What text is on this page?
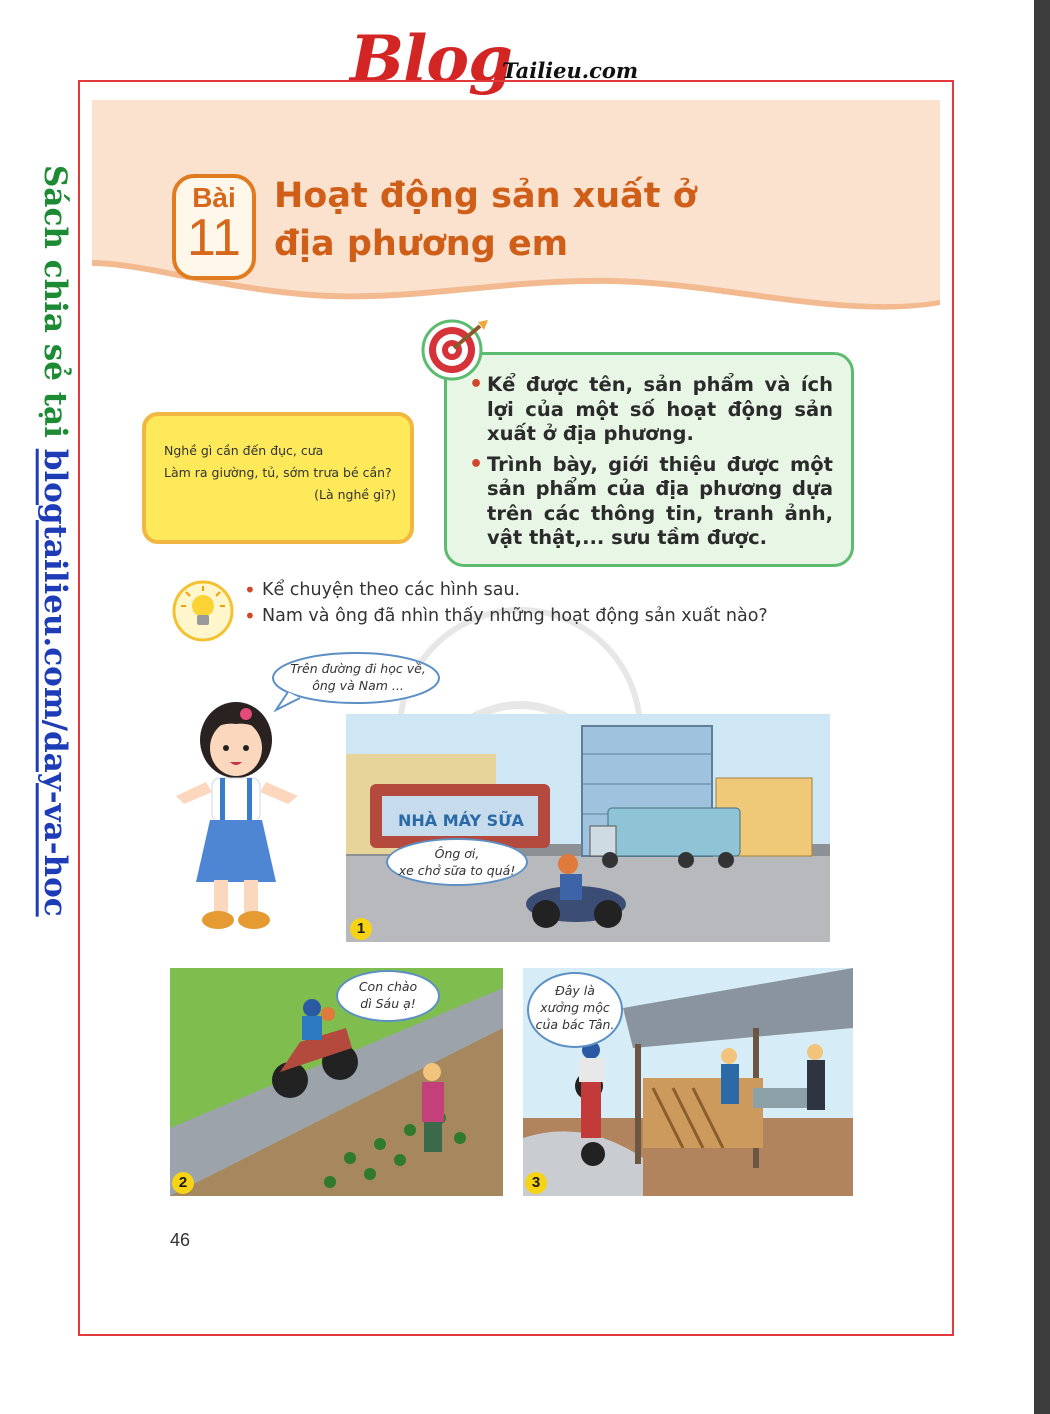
Blog
Tailieu.com
Sách chia sẻ tại blogtailieu.com/day-va-hoc
Bài
11
Hoạt động sản xuất ở
địa phương em
• Kể được tên, sản phẩm và ích lợi của một số hoạt động sản xuất ở địa phương.
• Trình bày, giới thiệu được một sản phẩm của địa phương dựa trên các thông tin, tranh ảnh, vật thật,... sưu tầm được.
Nghề gì cần đến đục, cưa
Làm ra giường, tủ, sớm trưa bé cần?
(Là nghề gì?)
• Kể chuyện theo các hình sau.
• Nam và ông đã nhìn thấy những hoạt động sản xuất nào?
Trên đường đi học về,
ông và Nam ...
NHÀ MÁY SỮA
Ông ơi,
xe chở sữa to quá!
1
Con chào
dì Sáu ạ!
2
Đây là
xưởng mộc
của bác Tân.
3
46
